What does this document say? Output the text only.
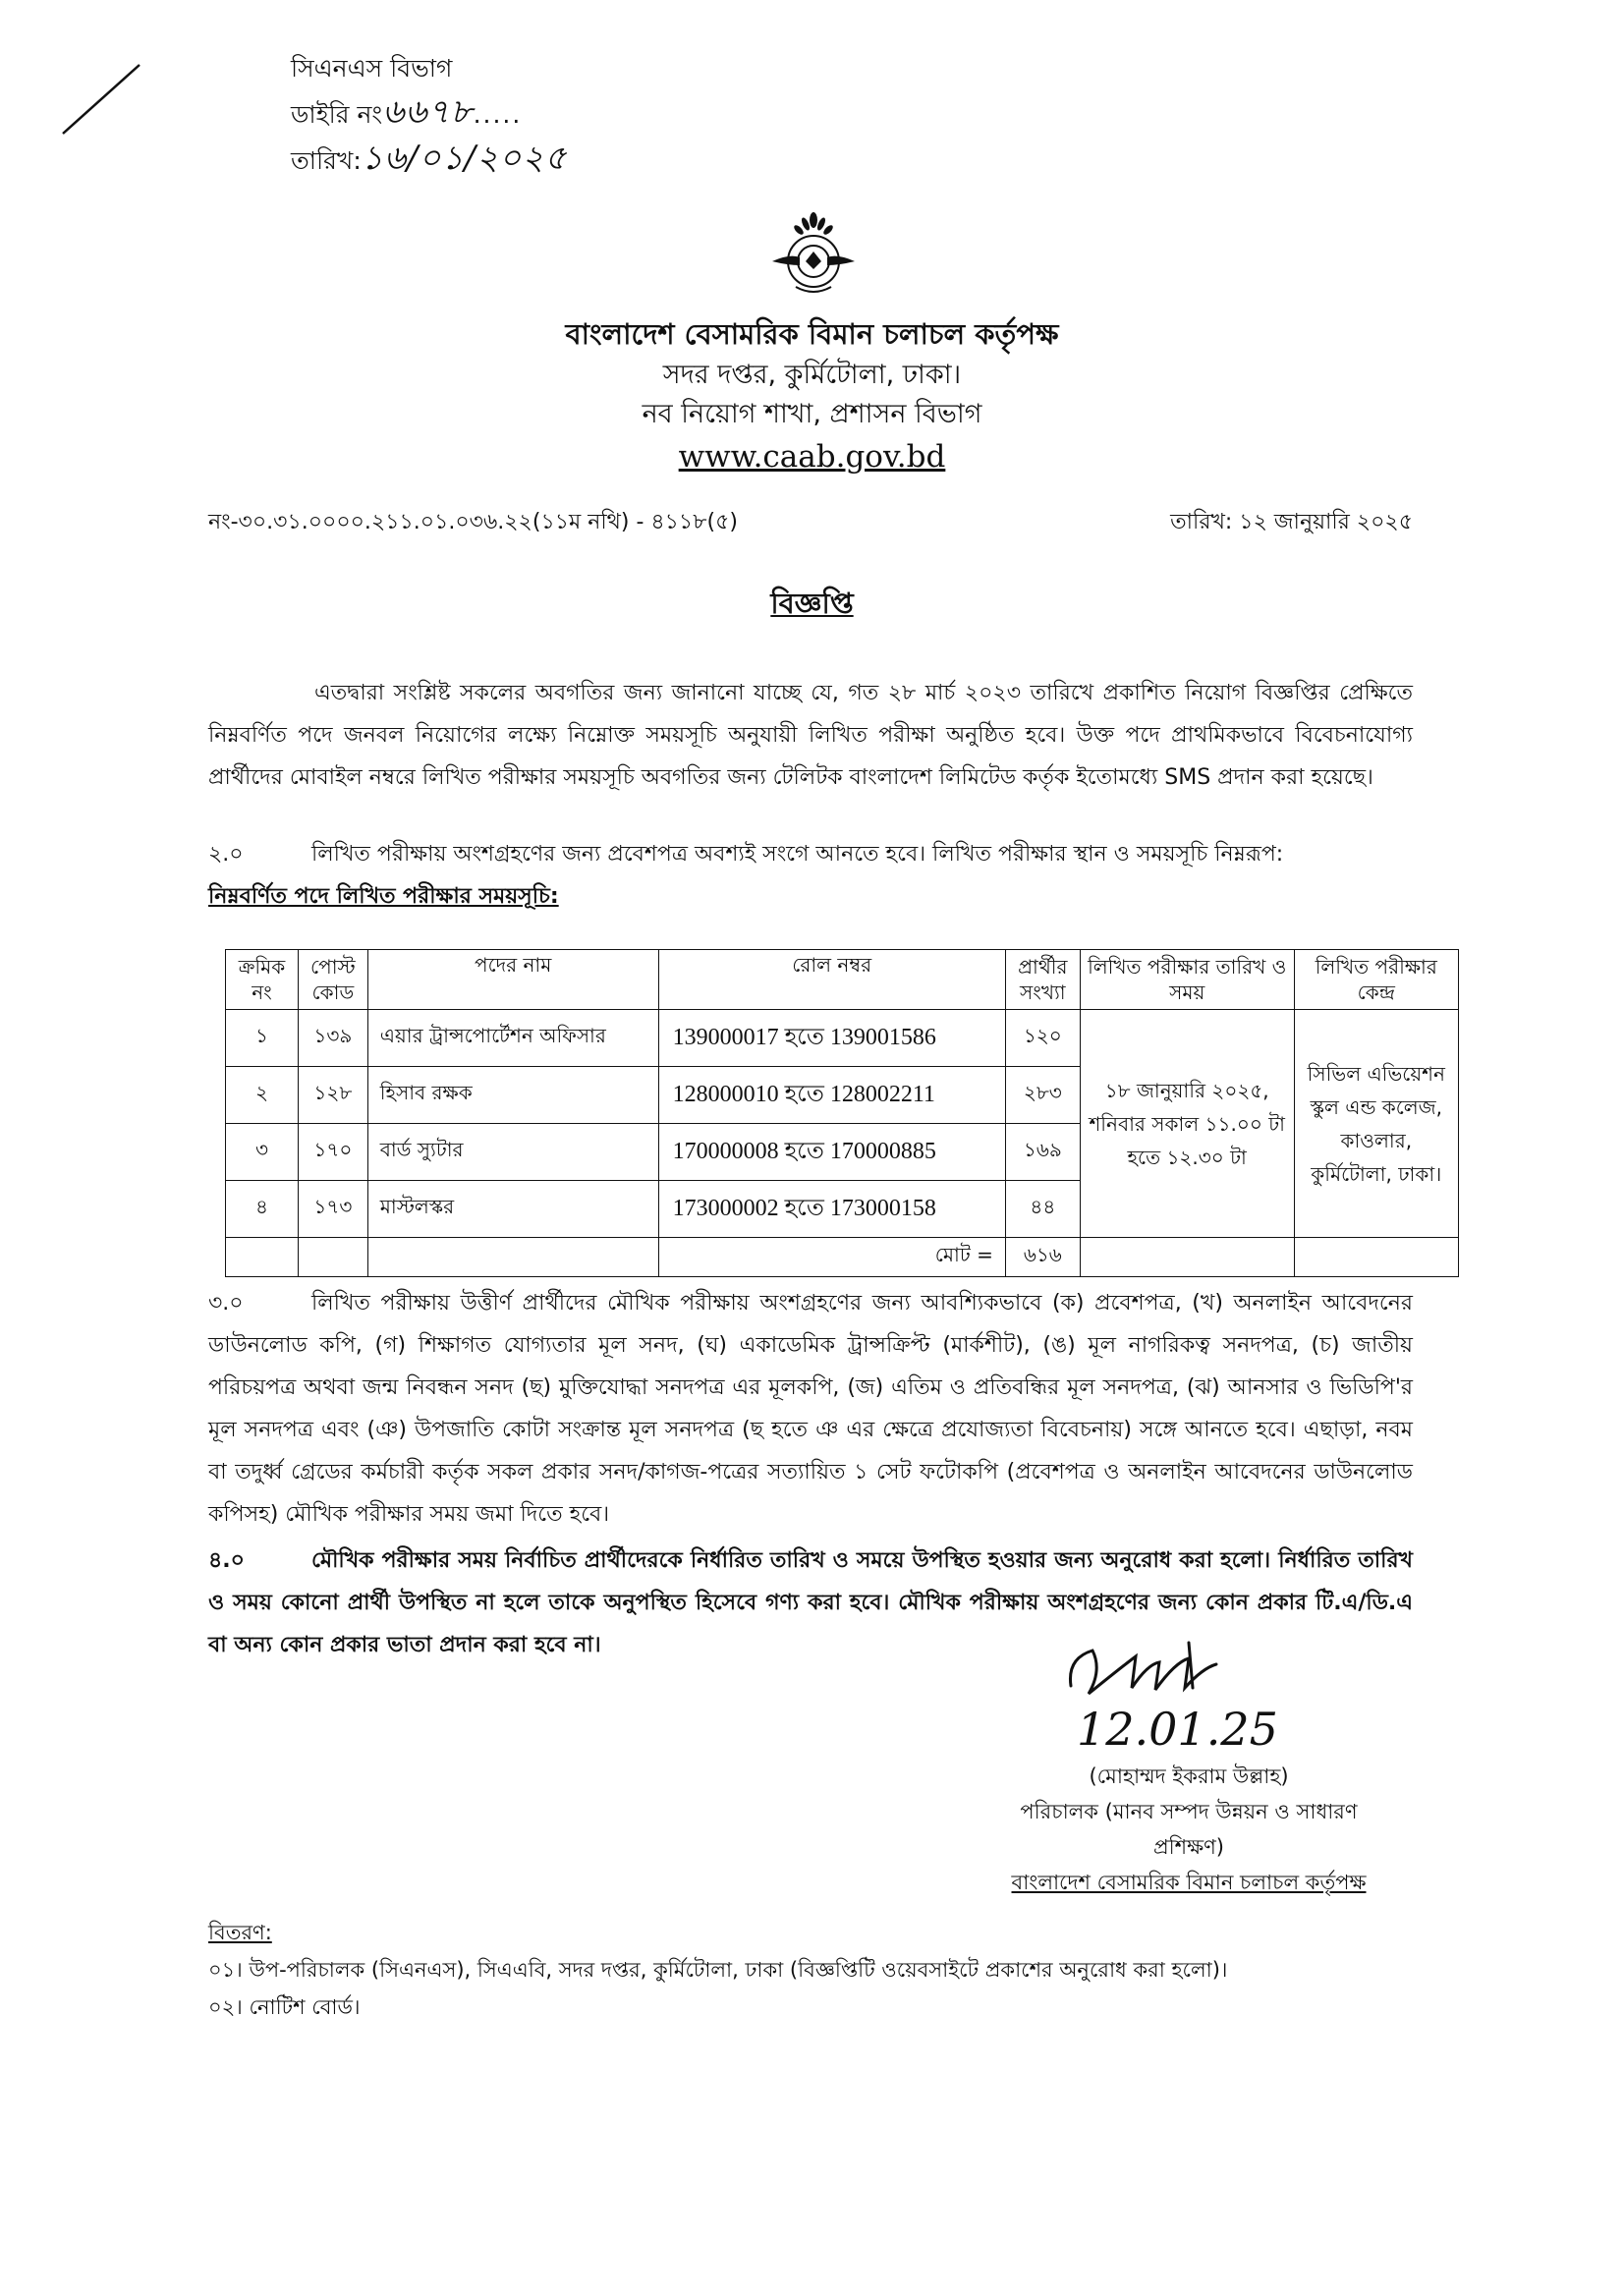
সিএনএস বিভাগ
ডাইরি নং৬৬৭৮.....
তারিখ:১৬/০১/২০২৫
বাংলাদেশ বেসামরিক বিমান চলাচল কর্তৃপক্ষ
সদর দপ্তর, কুর্মিটোলা, ঢাকা।
নব নিয়োগ শাখা, প্রশাসন বিভাগ
www.caab.gov.bd
নং-৩০.৩১.০০০০.২১১.০১.০৩৬.২২(১১ম নথি) - ৪১১৮(৫)	তারিখ: ১২ জানুয়ারি ২০২৫
বিজ্ঞপ্তি
এতদ্বারা সংশ্লিষ্ট সকলের অবগতির জন্য জানানো যাচ্ছে যে, গত ২৮ মার্চ ২০২৩ তারিখে প্রকাশিত নিয়োগ বিজ্ঞপ্তির প্রেক্ষিতে নিম্নবর্ণিত পদে জনবল নিয়োগের লক্ষ্যে নিম্নোক্ত সময়সূচি অনুযায়ী লিখিত পরীক্ষা অনুষ্ঠিত হবে। উক্ত পদে প্রাথমিকভাবে বিবেচনাযোগ্য প্রার্থীদের মোবাইল নম্বরে লিখিত পরীক্ষার সময়সূচি অবগতির জন্য টেলিটক বাংলাদেশ লিমিটেড কর্তৃক ইতোমধ্যে SMS প্রদান করা হয়েছে।
২.০	লিখিত পরীক্ষায় অংশগ্রহণের জন্য প্রবেশপত্র অবশ্যই সংগে আনতে হবে। লিখিত পরীক্ষার স্থান ও সময়সূচি নিম্নরূপ:
নিম্নবর্ণিত পদে লিখিত পরীক্ষার সময়সূচি:
ক্রমিক নং	পোস্ট কোড	পদের নাম	রোল নম্বর	প্রার্থীর সংখ্যা	লিখিত পরীক্ষার তারিখ ও সময়	লিখিত পরীক্ষার কেন্দ্র
১	১৩৯	এয়ার ট্রান্সপোর্টেশন অফিসার	139000017 হতে 139001586	১২০	১৮ জানুয়ারি ২০২৫, শনিবার সকাল ১১.০০ টা হতে ১২.৩০ টা	সিভিল এভিয়েশন স্কুল এন্ড কলেজ, কাওলার, কুর্মিটোলা, ঢাকা।
২	১২৮	হিসাব রক্ষক	128000010 হতে 128002211	২৮৩		
৩	১৭০	বার্ড স্যুটার	170000008 হতে 170000885	১৬৯		
৪	১৭৩	মাস্টলস্কর	173000002 হতে 173000158	৪৪		
			মোট =	৬১৬		
৩.০	লিখিত পরীক্ষায় উত্তীর্ণ প্রার্থীদের মৌখিক পরীক্ষায় অংশগ্রহণের জন্য আবশ্যিকভাবে (ক) প্রবেশপত্র, (খ) অনলাইন আবেদনের ডাউনলোড কপি, (গ) শিক্ষাগত যোগ্যতার মূল সনদ, (ঘ) একাডেমিক ট্রান্সক্রিপ্ট (মার্কশীট), (ঙ) মূল নাগরিকত্ব সনদপত্র, (চ) জাতীয় পরিচয়পত্র অথবা জন্ম নিবন্ধন সনদ (ছ) মুক্তিযোদ্ধা সনদপত্র এর মূলকপি, (জ) এতিম ও প্রতিবন্ধির মূল সনদপত্র, (ঝ) আনসার ও ভিডিপি'র মূল সনদপত্র এবং (ঞ) উপজাতি কোটা সংক্রান্ত মূল সনদপত্র (ছ হতে ঞ এর ক্ষেত্রে প্রযোজ্যতা বিবেচনায়) সঙ্গে আনতে হবে। এছাড়া, নবম বা তদুর্ধ্ব গ্রেডের কর্মচারী কর্তৃক সকল প্রকার সনদ/কাগজ-পত্রের সত্যায়িত ১ সেট ফটোকপি (প্রবেশপত্র ও অনলাইন আবেদনের ডাউনলোড কপিসহ) মৌখিক পরীক্ষার সময় জমা দিতে হবে।
৪.০	মৌখিক পরীক্ষার সময় নির্বাচিত প্রার্থীদেরকে নির্ধারিত তারিখ ও সময়ে উপস্থিত হওয়ার জন্য অনুরোধ করা হলো। নির্ধারিত তারিখ ও সময় কোনো প্রার্থী উপস্থিত না হলে তাকে অনুপস্থিত হিসেবে গণ্য করা হবে। মৌখিক পরীক্ষায় অংশগ্রহণের জন্য কোন প্রকার টি.এ/ডি.এ বা অন্য কোন প্রকার ভাতা প্রদান করা হবে না।
12.01.25
(মোহাম্মদ ইকরাম উল্লাহ)
পরিচালক (মানব সম্পদ উন্নয়ন ও সাধারণ প্রশিক্ষণ)
বাংলাদেশ বেসামরিক বিমান চলাচল কর্তৃপক্ষ
বিতরণ:
০১। উপ-পরিচালক (সিএনএস), সিএএবি, সদর দপ্তর, কুর্মিটোলা, ঢাকা (বিজ্ঞপ্তিটি ওয়েবসাইটে প্রকাশের অনুরোধ করা হলো)।
০২। নোটিশ বোর্ড।
